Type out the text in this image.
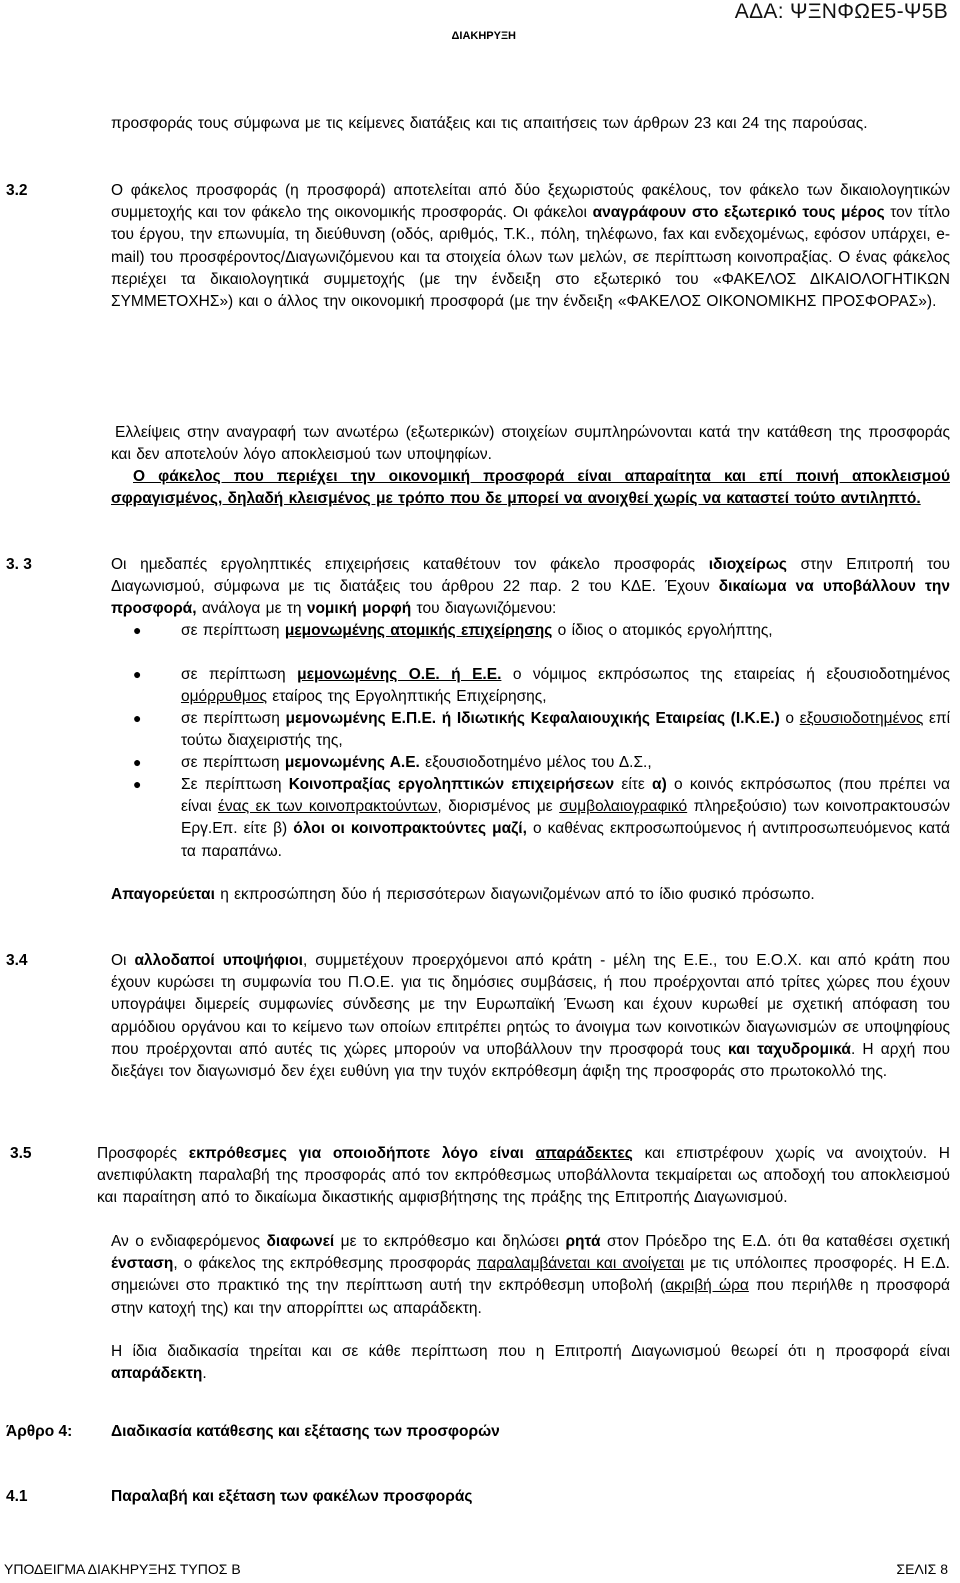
ΑΔΑ: ΨΞΝΦΩΕ5-Ψ5Β
ΔΙΑΚΗΡΥΞΗ
προσφοράς τους σύμφωνα με τις κείμενες διατάξεις και τις απαιτήσεις των άρθρων 23 και 24 της παρούσας.
3.2	Ο φάκελος προσφοράς (η προσφορά) αποτελείται από δύο ξεχωριστούς φακέλους, τον φάκελο των δικαιολογητικών συμμετοχής και τον φάκελο της οικονομικής προσφοράς. Οι φάκελοι αναγράφουν στο εξωτερικό τους μέρος τον τίτλο του έργου, την επωνυμία, τη διεύθυνση (οδός, αριθμός, Τ.Κ., πόλη, τηλέφωνο, fax και ενδεχομένως, εφόσον υπάρχει, e-mail) του προσφέροντος/Διαγωνιζόμενου και τα στοιχεία όλων των μελών, σε περίπτωση κοινοπραξίας. Ο ένας φάκελος περιέχει τα δικαιολογητικά συμμετοχής (με την ένδειξη στο εξωτερικό του «ΦΑΚΕΛΟΣ ΔΙΚΑΙΟΛΟΓΗΤΙΚΩΝ ΣΥΜΜΕΤΟΧΗΣ») και ο άλλος την οικονομική προσφορά (με την ένδειξη «ΦΑΚΕΛΟΣ ΟΙΚΟΝΟΜΙΚΗΣ ΠΡΟΣΦΟΡΑΣ»).
Ελλείψεις στην αναγραφή των ανωτέρω (εξωτερικών) στοιχείων συμπληρώνονται κατά την κατάθεση της προσφοράς και δεν αποτελούν λόγο αποκλεισμού των υποψηφίων.
Ο φάκελος που περιέχει την οικονομική προσφορά είναι απαραίτητα και επί ποινή αποκλεισμού σφραγισμένος, δηλαδή κλεισμένος με τρόπο που δε μπορεί να ανοιχθεί χωρίς να καταστεί τούτο αντιληπτό.
3. 3	Οι ημεδαπές εργοληπτικές επιχειρήσεις καταθέτουν τον φάκελο προσφοράς ιδιοχείρως στην Επιτροπή του Διαγωνισμού, σύμφωνα με τις διατάξεις του άρθρου 22 παρ. 2 του ΚΔΕ. Έχουν δικαίωμα να υποβάλλουν την προσφορά, ανάλογα με τη νομική μορφή του διαγωνιζόμενου:
●	σε περίπτωση μεμονωμένης ατομικής επιχείρησης ο ίδιος ο ατομικός εργολήπτης,
●	σε περίπτωση μεμονωμένης Ο.Ε. ή Ε.Ε. ο νόμιμος εκπρόσωπος της εταιρείας ή εξουσιοδοτημένος ομόρρυθμος εταίρος της Εργοληπτικής Επιχείρησης,
●	σε περίπτωση μεμονωμένης Ε.Π.Ε. ή Ιδιωτικής Κεφαλαιουχικής Εταιρείας (Ι.Κ.Ε.) ο εξουσιοδοτημένος επί τούτω διαχειριστής της,
●	σε περίπτωση μεμονωμένης Α.Ε. εξουσιοδοτημένο μέλος του Δ.Σ.,
●	Σε περίπτωση Κοινοπραξίας εργοληπτικών επιχειρήσεων είτε α) ο κοινός εκπρόσωπος (που πρέπει να είναι ένας εκ των κοινοπρακτούντων, διορισμένος με συμβολαιογραφικό πληρεξούσιο) των κοινοπρακτουσών Εργ.Επ. είτε β) όλοι οι κοινοπρακτούντες μαζί, ο καθένας εκπροσωπούμενος ή αντιπροσωπευόμενος κατά τα παραπάνω.
Απαγορεύεται η εκπροσώπηση δύο ή περισσότερων διαγωνιζομένων από το ίδιο φυσικό πρόσωπο.
3.4	Οι αλλοδαποί υποψήφιοι, συμμετέχουν προερχόμενοι από κράτη - μέλη της Ε.Ε., του Ε.Ο.Χ. και από κράτη που έχουν κυρώσει τη συμφωνία του Π.Ο.Ε. για τις δημόσιες συμβάσεις, ή που προέρχονται από τρίτες χώρες που έχουν υπογράψει διμερείς συμφωνίες σύνδεσης με την Ευρωπαϊκή Ένωση και έχουν κυρωθεί με σχετική απόφαση του αρμόδιου οργάνου και το κείμενο των οποίων επιτρέπει ρητώς το άνοιγμα των κοινοτικών διαγωνισμών σε υποψηφίους που προέρχονται από αυτές τις χώρες μπορούν να υποβάλλουν την προσφορά τους και ταχυδρομικά. Η αρχή που διεξάγει τον διαγωνισμό δεν έχει ευθύνη για την τυχόν εκπρόθεσμη άφιξη της προσφοράς στο πρωτοκολλό της.
3.5	Προσφορές εκπρόθεσμες για οποιοδήποτε λόγο είναι απαράδεκτες και επιστρέφουν χωρίς να ανοιχτούν. Η ανεπιφύλακτη παραλαβή της προσφοράς από τον εκπρόθεσμως υποβάλλοντα τεκμαίρεται ως αποδοχή του αποκλεισμού και παραίτηση από το δικαίωμα δικαστικής αμφισβήτησης της πράξης της Επιτροπής Διαγωνισμού.
Αν ο ενδιαφερόμενος διαφωνεί με το εκπρόθεσμο και δηλώσει ρητά στον Πρόεδρο της Ε.Δ. ότι θα καταθέσει σχετική ένσταση, ο φάκελος της εκπρόθεσμης προσφοράς παραλαμβάνεται και ανοίγεται με τις υπόλοιπες προσφορές. Η Ε.Δ. σημειώνει στο πρακτικό της την περίπτωση αυτή την εκπρόθεσμη υποβολή (ακριβή ώρα που περιήλθε η προσφορά στην κατοχή της) και την απορρίπτει ως απαράδεκτη.
Η ίδια διαδικασία τηρείται και σε κάθε περίπτωση που η Επιτροπή Διαγωνισμού θεωρεί ότι η προσφορά είναι απαράδεκτη.
Άρθρο 4: Διαδικασία κατάθεσης και εξέτασης των προσφορών
4.1	Παραλαβή και εξέταση των φακέλων προσφοράς
ΥΠΟΔΕΙΓΜΑ ΔΙΑΚΗΡΥΞΗΣ ΤΥΠΟΣ Β	ΣΕΛΙΣ 8
